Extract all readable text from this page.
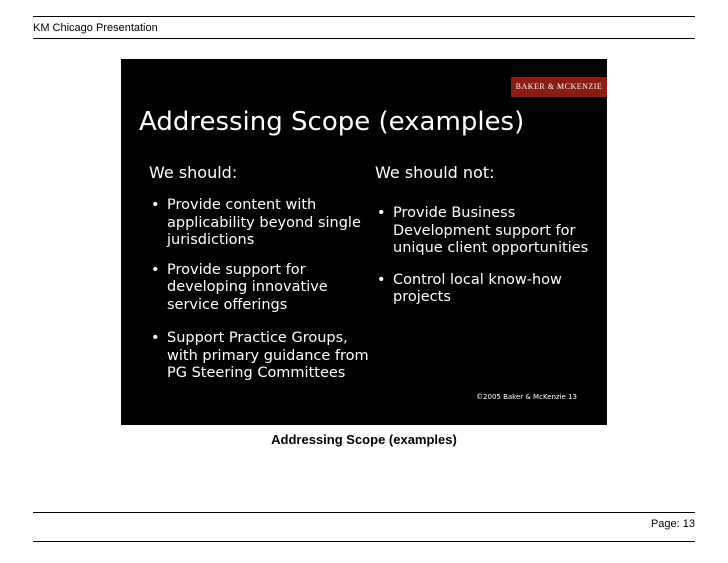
KM Chicago Presentation
BAKER & MCKENZIE
Addressing Scope (examples)
We should:
• Provide content with
applicability beyond single
jurisdictions
• Provide support for
developing innovative
service offerings
• Support Practice Groups,
with primary guidance from
PG Steering Committees
We should not:
• Provide Business
Development support for
unique client opportunities
• Control local know-how
projects
©2005 Baker & McKenzie 13
Addressing Scope (examples)
Page: 13
